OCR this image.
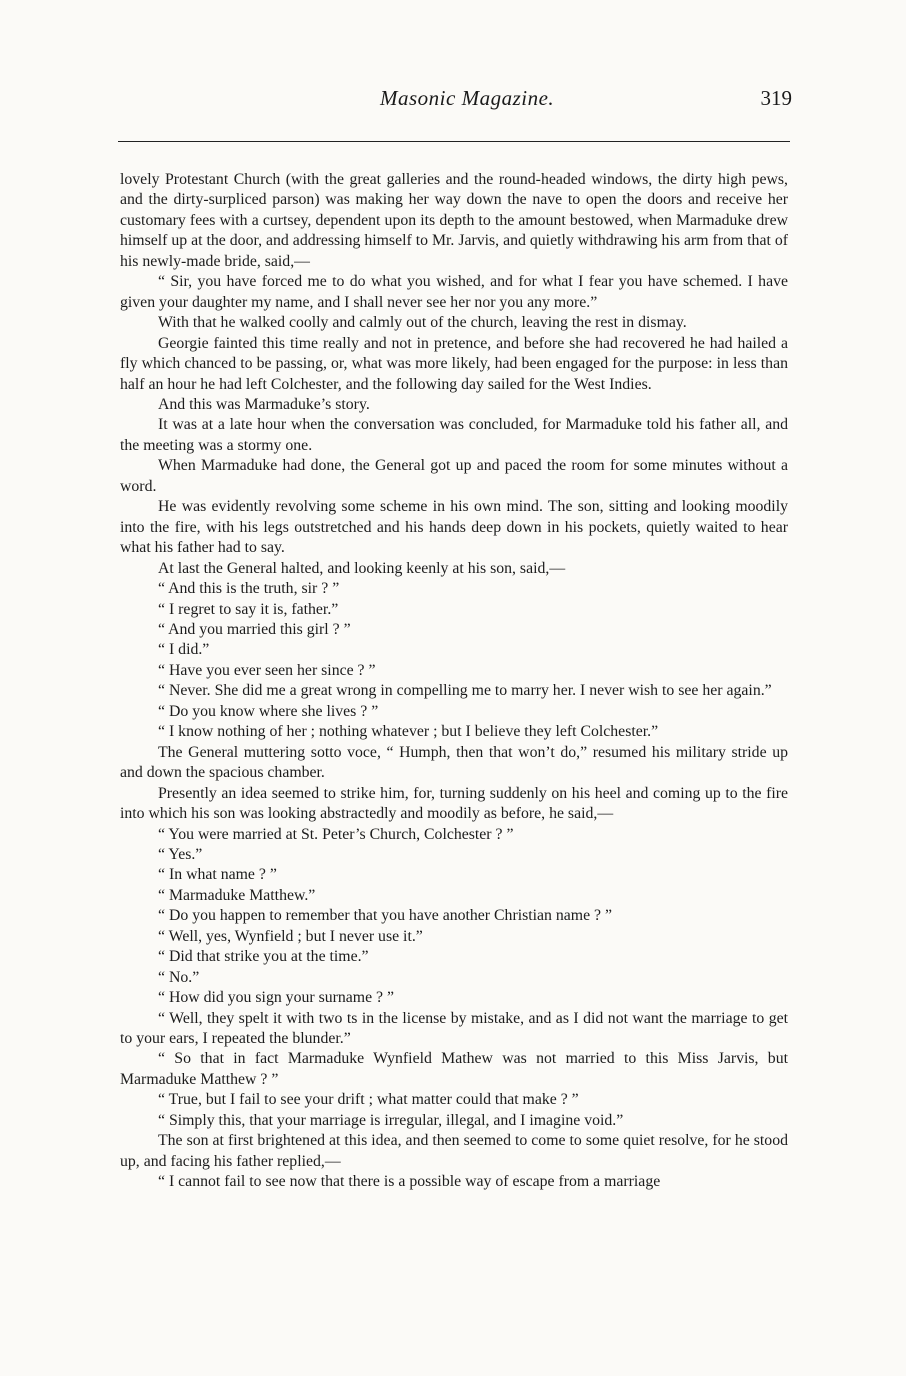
Masonic Magazine.	319

lovely Protestant Church (with the great galleries and the round-headed windows, the dirty high pews, and the dirty-surpliced parson) was making her way down the nave to open the doors and receive her customary fees with a curtsey, dependent upon its depth to the amount bestowed, when Marmaduke drew himself up at the door, and addressing himself to Mr. Jarvis, and quietly withdrawing his arm from that of his newly-made bride, said,—

“ Sir, you have forced me to do what you wished, and for what I fear you have schemed. I have given your daughter my name, and I shall never see her nor you any more.”

With that he walked coolly and calmly out of the church, leaving the rest in dismay.

Georgie fainted this time really and not in pretence, and before she had recovered he had hailed a fly which chanced to be passing, or, what was more likely, had been engaged for the purpose: in less than half an hour he had left Colchester, and the following day sailed for the West Indies.

And this was Marmaduke’s story.

It was at a late hour when the conversation was concluded, for Marmaduke told his father all, and the meeting was a stormy one.

When Marmaduke had done, the General got up and paced the room for some minutes without a word.

He was evidently revolving some scheme in his own mind. The son, sitting and looking moodily into the fire, with his legs outstretched and his hands deep down in his pockets, quietly waited to hear what his father had to say.

At last the General halted, and looking keenly at his son, said,—

“ And this is the truth, sir ? ”

“ I regret to say it is, father.”

“ And you married this girl ? ”

“ I did.”

“ Have you ever seen her since ? ”

“ Never. She did me a great wrong in compelling me to marry her. I never wish to see her again.”

“ Do you know where she lives ? ”

“ I know nothing of her ; nothing whatever ; but I believe they left Colchester.”

The General muttering sotto voce, “ Humph, then that won’t do,” resumed his military stride up and down the spacious chamber.

Presently an idea seemed to strike him, for, turning suddenly on his heel and coming up to the fire into which his son was looking abstractedly and moodily as before, he said,—

“ You were married at St. Peter’s Church, Colchester ? ”

“ Yes.”

“ In what name ? ”

“ Marmaduke Matthew.”

“ Do you happen to remember that you have another Christian name ? ”

“ Well, yes, Wynfield ; but I never use it.”

“ Did that strike you at the time.”

“ No.”

“ How did you sign your surname ? ”

“ Well, they spelt it with two ts in the license by mistake, and as I did not want the marriage to get to your ears, I repeated the blunder.”

“ So that in fact Marmaduke Wynfield Mathew was not married to this Miss Jarvis, but Marmaduke Matthew ? ”

“ True, but I fail to see your drift ; what matter could that make ? ”

“ Simply this, that your marriage is irregular, illegal, and I imagine void.”

The son at first brightened at this idea, and then seemed to come to some quiet resolve, for he stood up, and facing his father replied,—

“ I cannot fail to see now that there is a possible way of escape from a marriage
